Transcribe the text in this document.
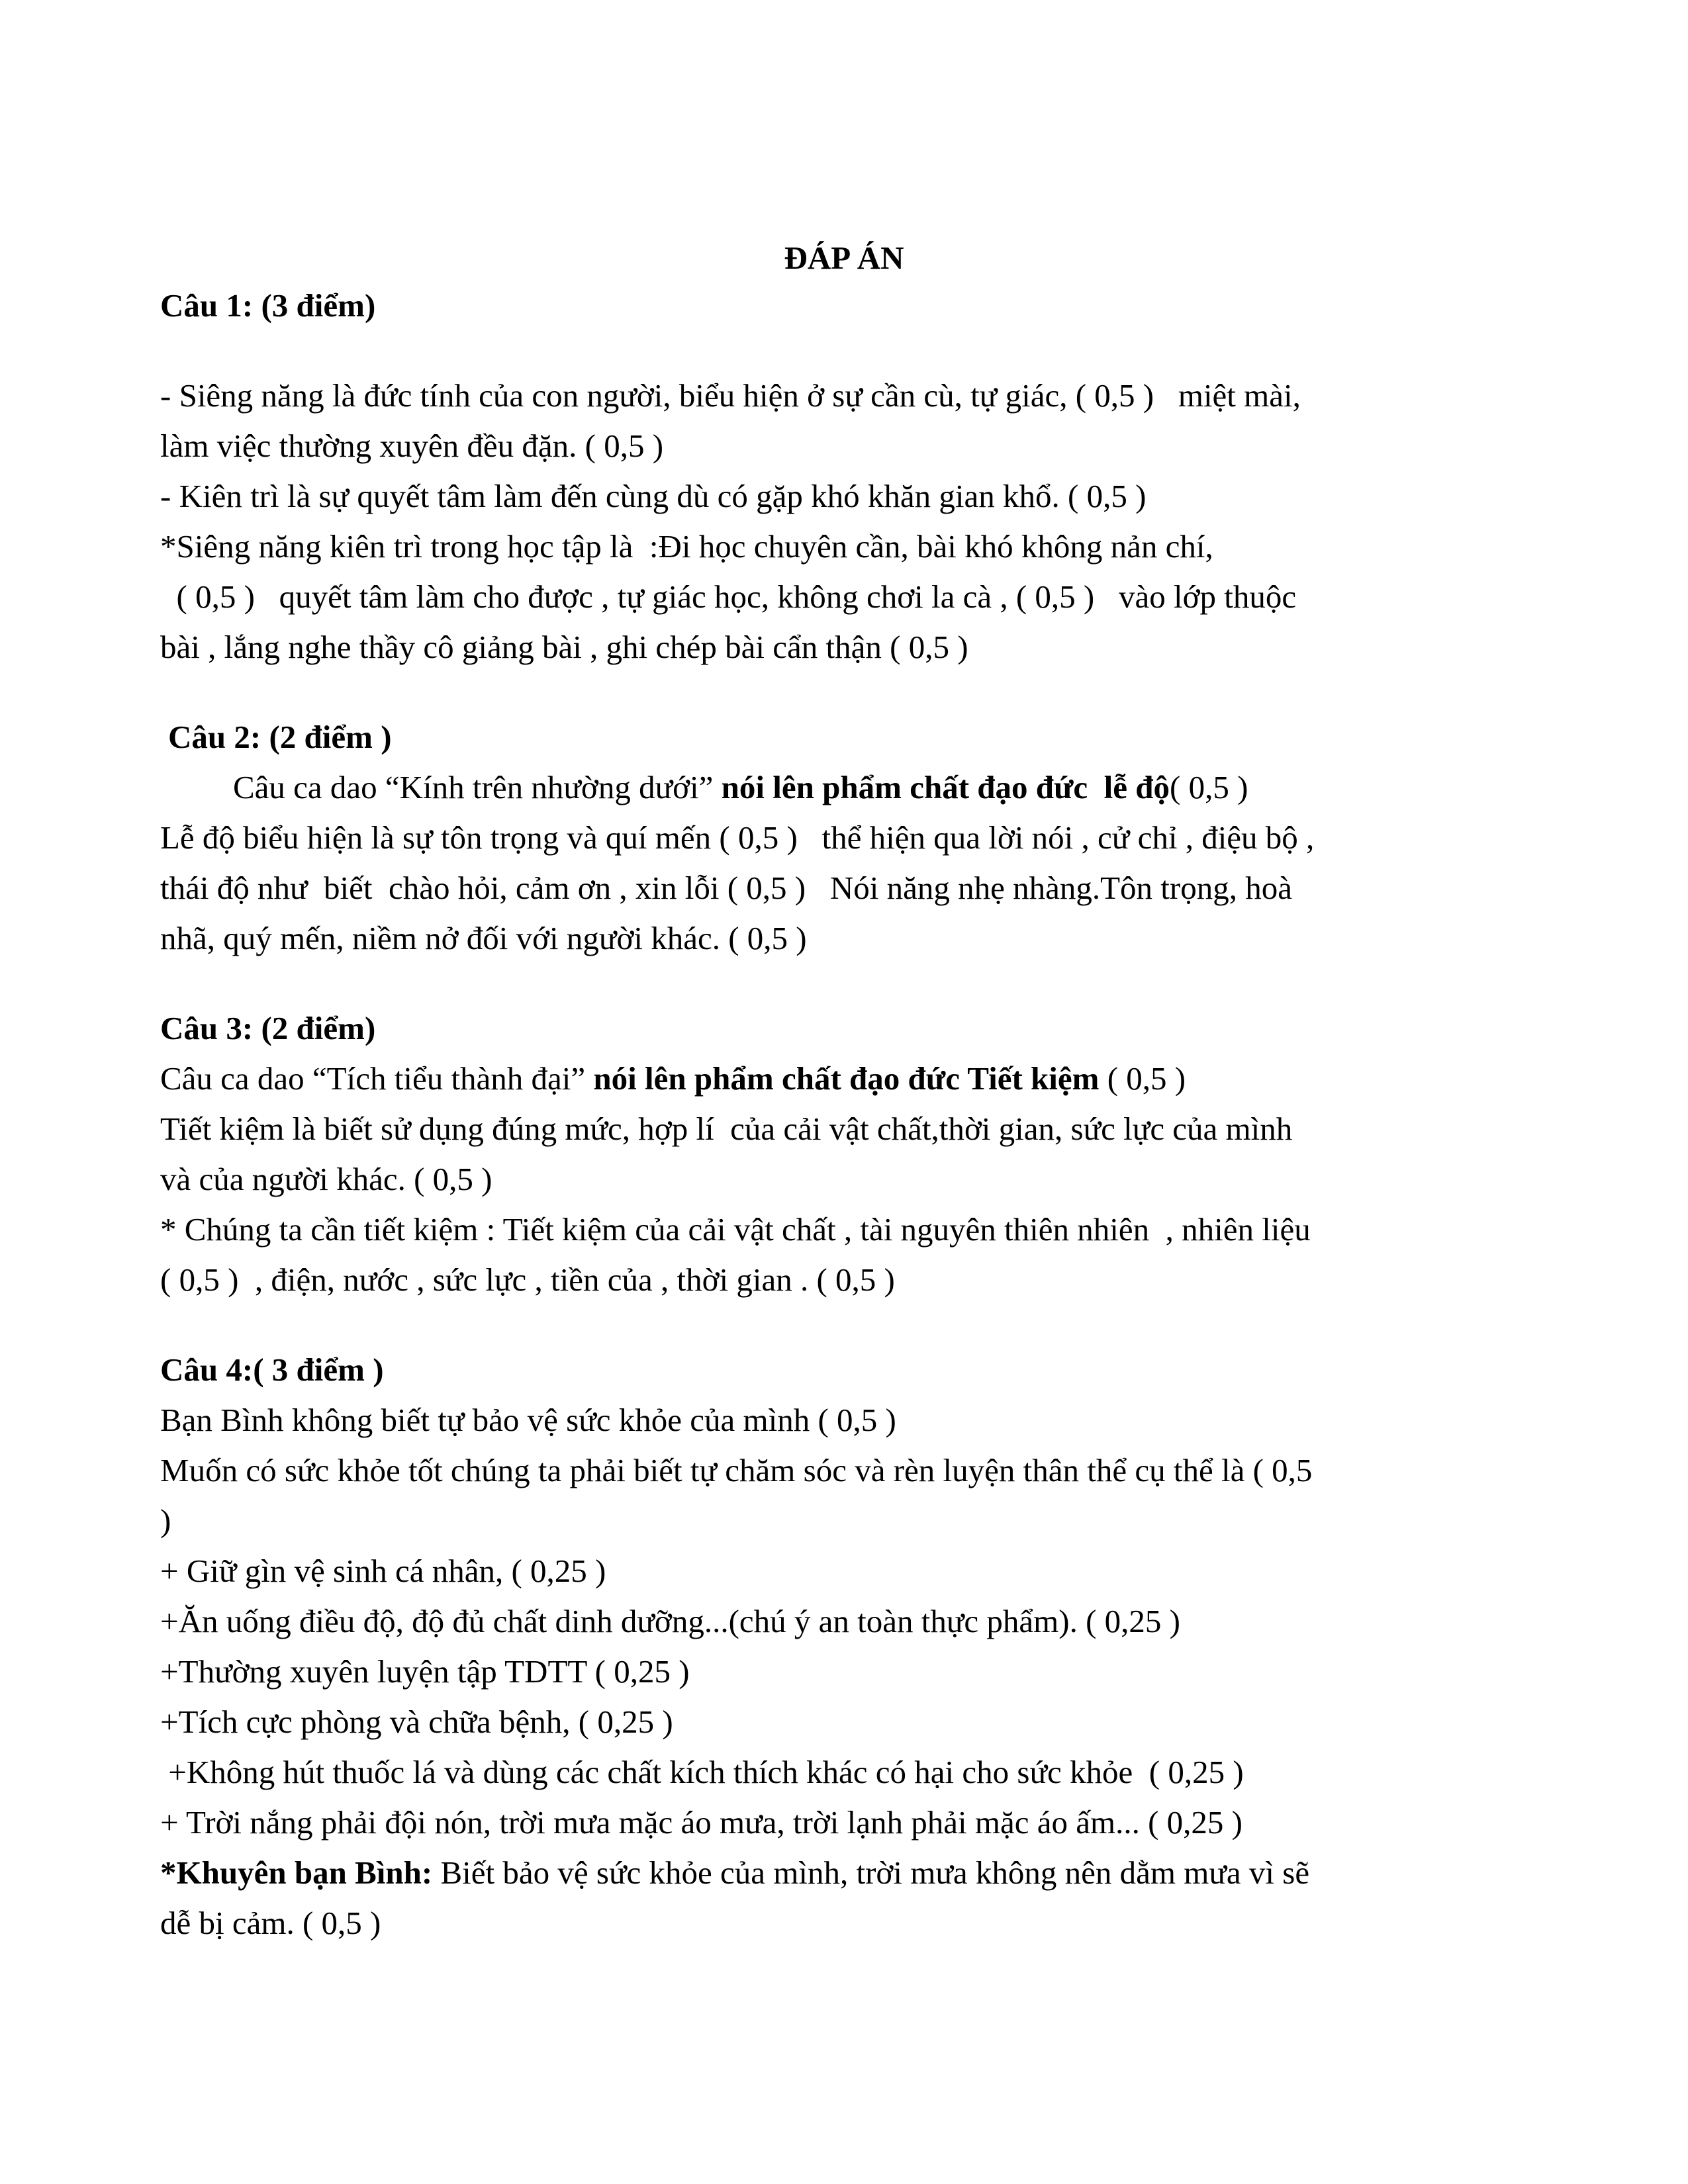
ĐÁP ÁN

Câu 1: (3 điểm)

- Siêng năng là đức tính của con người, biểu hiện ở sự cần cù, tự giác, ( 0,5 )   miệt mài,

làm việc thường xuyên đều đặn. ( 0,5 )

- Kiên trì là sự quyết tâm làm đến cùng dù có gặp khó khăn gian khổ. ( 0,5 )

*Siêng năng kiên trì trong học tập là  :Đi học chuyên cần, bài khó không nản chí,

( 0,5 )   quyết tâm làm cho được , tự giác học, không chơi la cà , ( 0,5 )   vào lớp thuộc

bài , lắng nghe thầy cô giảng bài , ghi chép bài cẩn thận ( 0,5 )

Câu 2: (2 điểm )

Câu ca dao “Kính trên nhường dưới” nói lên phẩm chất đạo đức  lễ độ( 0,5 )

Lễ độ biểu hiện là sự tôn trọng và quí mến ( 0,5 )   thể hiện qua lời nói , cử chỉ , điệu bộ ,

thái độ như  biết  chào hỏi, cảm ơn , xin lỗi ( 0,5 )   Nói năng nhẹ nhàng.Tôn trọng, hoà

nhã, quý mến, niềm nở đối với người khác. ( 0,5 )

Câu 3: (2 điểm)

Câu ca dao “Tích tiểu thành đại” nói lên phẩm chất đạo đức Tiết kiệm ( 0,5 )

Tiết kiệm là biết sử dụng đúng mức, hợp lí  của cải vật chất,thời gian, sức lực của mình

và của người khác. ( 0,5 )

* Chúng ta cần tiết kiệm : Tiết kiệm của cải vật chất , tài nguyên thiên nhiên  , nhiên liệu

( 0,5 )  , điện, nước , sức lực , tiền của , thời gian . ( 0,5 )

Câu 4:( 3 điểm )

Bạn Bình không biết tự bảo vệ sức khỏe của mình ( 0,5 )

Muốn có sức khỏe tốt chúng ta phải biết tự chăm sóc và rèn luyện thân thể cụ thể là ( 0,5

)

+ Giữ gìn vệ sinh cá nhân, ( 0,25 )

+Ăn uống điều độ, độ đủ chất dinh dưỡng...(chú ý an toàn thực phẩm). ( 0,25 )

+Thường xuyên luyện tập TDTT ( 0,25 )

+Tích cực phòng và chữa bệnh, ( 0,25 )

+Không hút thuốc lá và dùng các chất kích thích khác có hại cho sức khỏe  ( 0,25 )

+ Trời nắng phải đội nón, trời mưa mặc áo mưa, trời lạnh phải mặc áo ấm... ( 0,25 )

*Khuyên bạn Bình: Biết bảo vệ sức khỏe của mình, trời mưa không nên dằm mưa vì sẽ

dễ bị cảm. ( 0,5 )
